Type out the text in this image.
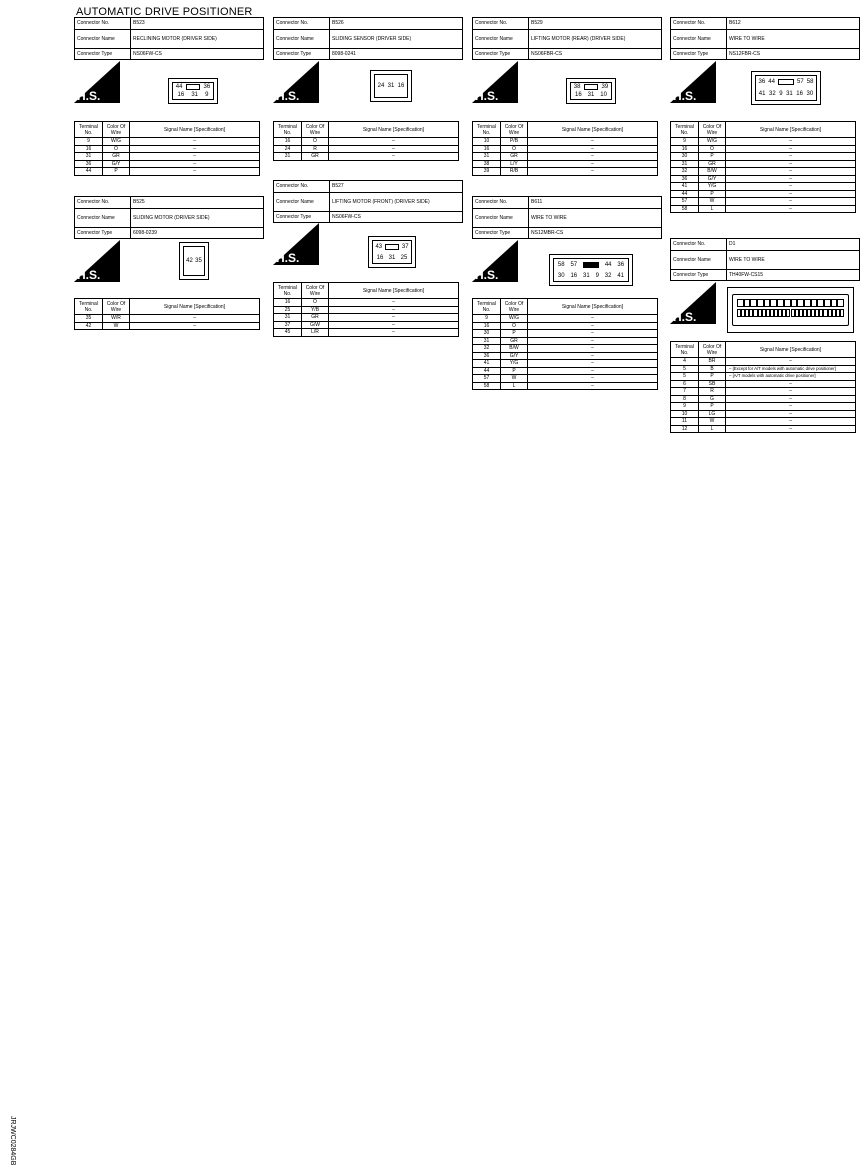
AUTOMATIC DRIVE POSITIONER
JRJWC0284GB
Connector No.	B523
Connector Name	RECLINING MOTOR (DRIVER SIDE)
Connector Type	NS06FW-CS
H.S.
44	36
16 31 9
Terminal No.	Color Of Wire	Signal Name [Specification]
9	W/G	–
16	O	–
31	GR	–
36	G/Y	–
44	P	–
Connector No.	B526
Connector Name	SLIDING SENSOR (DRIVER SIDE)
Connector Type	8098-0241
H.S.
24 31 16
Terminal No.	Color Of Wire	Signal Name [Specification]
16	O	–
24	R	–
31	GR	–
Connector No.	B529
Connector Name	LIFTING MOTOR (REAR) (DRIVER SIDE)
Connector Type	NS06FBR-CS
H.S.
38	39
16 31 10
Terminal No.	Color Of Wire	Signal Name [Specification]
10	P/B	–
16	O	–
31	GR	–
38	L/Y	–
39	R/B	–
Connector No.	B612
Connector Name	WIRE TO WIRE
Connector Type	NS12FBR-CS
H.S.
36 44	57 58
41 32 9 31 16 30
Terminal No.	Color Of Wire	Signal Name [Specification]
9	W/G	–
16	O	–
30	P	–
31	GR	–
32	B/W	–
36	G/Y	–
41	Y/G	–
44	P	–
57	W	–
58	L	–
Connector No.	B525
Connector Name	SLIDING MOTOR (DRIVER SIDE)
Connector Type	6098-0239
H.S.
42 35
Terminal No.	Color Of Wire	Signal Name [Specification]
35	W/R	–
42	W	–
Connector No.	B527
Connector Name	LIFTING MOTOR (FRONT) (DRIVER SIDE)
Connector Type	NS06FW-CS
H.S.
43	37
16 31 25
Terminal No.	Color Of Wire	Signal Name [Specification]
16	O	–
25	Y/B	–
31	GR	–
37	G/W	–
45	L/R	–
Connector No.	B611
Connector Name	WIRE TO WIRE
Connector Type	NS12MBR-CS
H.S.
58 57	44 36
30 16 31 9 32 41
Terminal No.	Color Of Wire	Signal Name [Specification]
9	W/G	–
16	O	–
30	P	–
31	GR	–
32	B/W	–
36	G/Y	–
41	Y/G	–
44	P	–
57	W	–
58	L	–
Connector No.	D1
Connector Name	WIRE TO WIRE
Connector Type	TH40FW-CS15
H.S.
Terminal No.	Color Of Wire	Signal Name [Specification]
4	BR	–
5	B	– [Except for A/T models with automatic drive positioner]
5	P	– [A/T models with automatic drive positioner]
6	SB	–
7	R	–
8	G	–
9	P	–
10	LG	–
11	W	–
12	L	–
